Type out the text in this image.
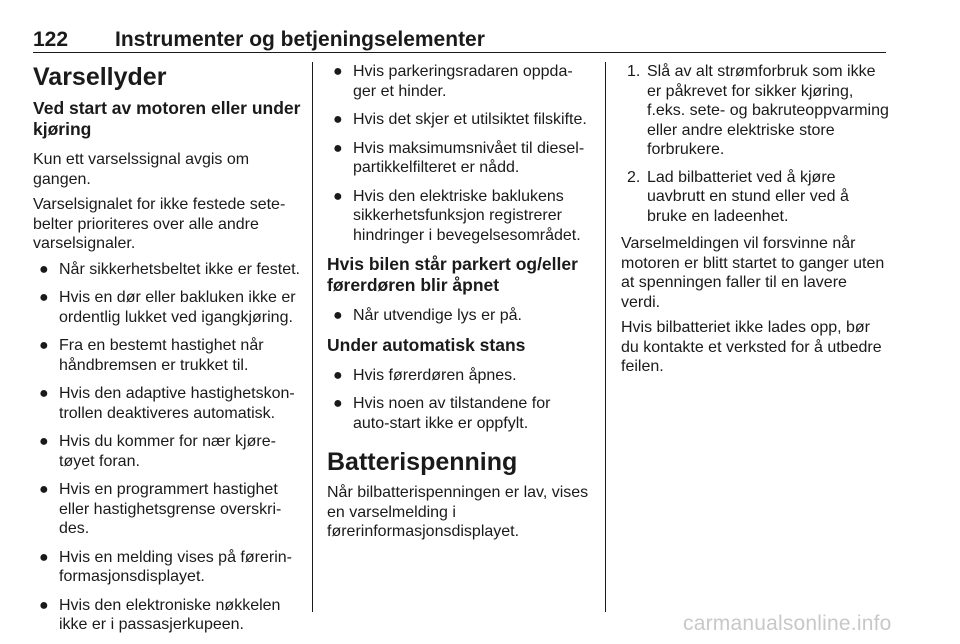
122 Instrumenter og betjeningselementer
Varsellyder
Ved start av motoren eller under kjøring

Kun ett varselssignal avgis om gangen.

Varselsignalet for ikke festede setebelter prioriteres over alle andre varselsignaler.

● Når sikkerhetsbeltet ikke er festet.
● Hvis en dør eller bakluken ikke er ordentlig lukket ved igangkjøring.
● Fra en bestemt hastighet når håndbremsen er trukket til.
● Hvis den adaptive hastighetskontrollen deaktiveres automatisk.
● Hvis du kommer for nær kjøretøyet foran.
● Hvis en programmert hastighet eller hastighetsgrense overskrides.
● Hvis en melding vises på førerinformasjonsdisplayet.
● Hvis den elektroniske nøkkelen ikke er i passasjerkupeen.
● Hvis parkeringsradaren oppdager et hinder.
● Hvis det skjer et utilsiktet filskifte.
● Hvis maksimumsnivået til dieselpartikkelfilteret er nådd.
● Hvis den elektriske baklukens sikkerhetsfunksjon registrerer hindringer i bevegelsesområdet.
Hvis bilen står parkert og/eller førerdøren blir åpnet
● Når utvendige lys er på.
Under automatisk stans
● Hvis førerdøren åpnes.
● Hvis noen av tilstandene for auto-start ikke er oppfylt.
Batterispenning

Når bilbatterispenningen er lav, vises en varselmelding i førerinformasjonsdisplayet.

1. Slå av alt strømforbruk som ikke er påkrevet for sikker kjøring, f.eks. sete- og bakruteoppvarming eller andre elektriske store forbrukere.
2. Lad bilbatteriet ved å kjøre uavbrutt en stund eller ved å bruke en ladeenhet.

Varselmeldingen vil forsvinne når motoren er blitt startet to ganger uten at spenningen faller til en lavere verdi.

Hvis bilbatteriet ikke lades opp, bør du kontakte et verksted for å utbedre feilen.

carmanualsonline.info
